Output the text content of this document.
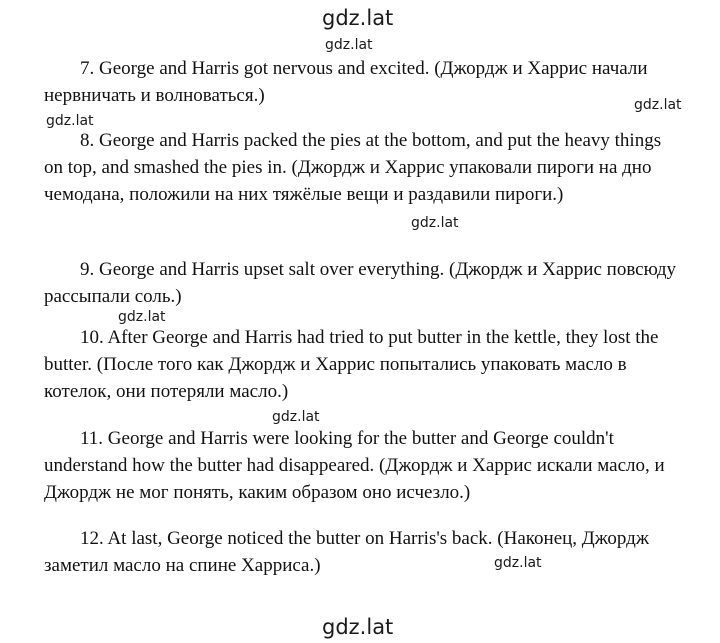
gdz.lat
gdz.lat

7. George and Harris got nervous and excited. (Джордж и Харрис начали нервничать и волноваться.)	gdz.lat
gdz.lat

8. George and Harris packed the pies at the bottom, and put the heavy things on top, and smashed the pies in. (Джордж и Харрис упаковали пироги на дно чемодана, положили на них тяжёлые вещи и раздавили пироги.)

gdz.lat

9. George and Harris upset salt over everything. (Джордж и Харрис повсюду рассыпали соль.)

gdz.lat

10. After George and Harris had tried to put butter in the kettle, they lost the butter. (После того как Джордж и Харрис попытались упаковать масло в котелок, они потеряли масло.)

gdz.lat

11. George and Harris were looking for the butter and George couldn't understand how the butter had disappeared. (Джордж и Харрис искали масло, и Джордж не мог понять, каким образом оно исчезло.)

12. At last, George noticed the butter on Harris's back. (Наконец, Джордж заметил масло на спине Харриса.)	gdz.lat
gdz.lat
